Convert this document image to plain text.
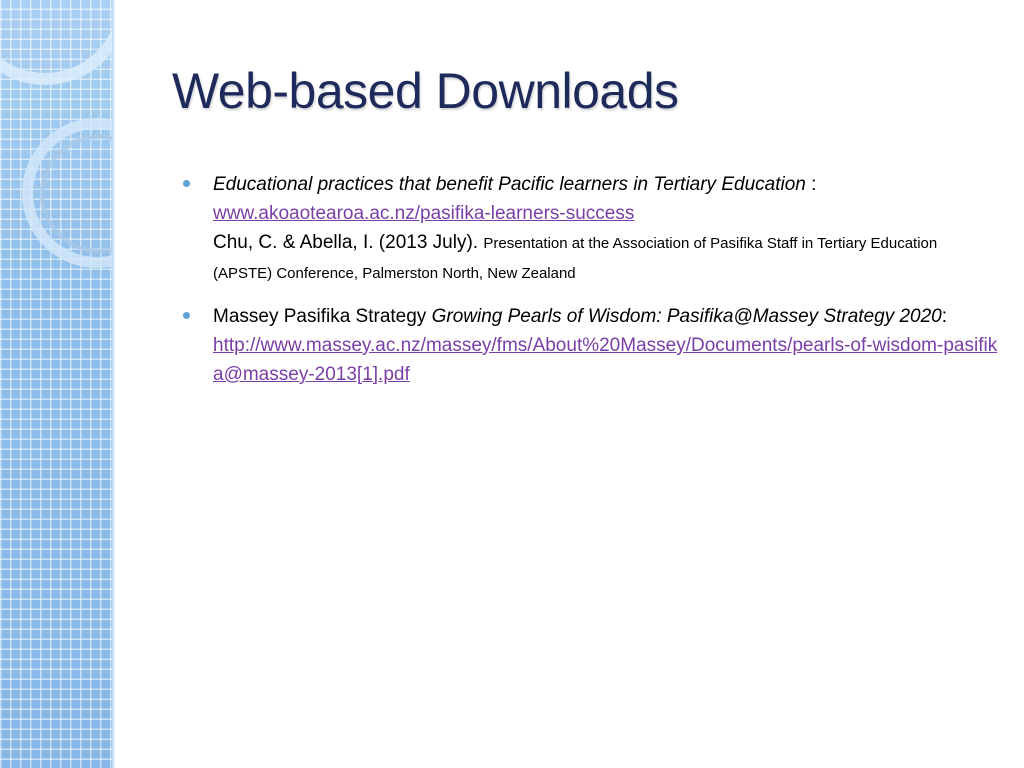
Web-based Downloads
Educational practices that benefit Pacific learners in Tertiary Education :
www.akoaotearoa.ac.nz/pasifika-learners-success
Chu, C. & Abella, I. (2013 July). Presentation at the Association of Pasifika Staff in Tertiary Education (APSTE) Conference, Palmerston North, New Zealand
Massey Pasifika Strategy Growing Pearls of Wisdom: Pasifika@Massey Strategy 2020:
http://www.massey.ac.nz/massey/fms/About%20Massey/Documents/pearls-of-wisdom-pasifika@massey-2013[1].pdf
